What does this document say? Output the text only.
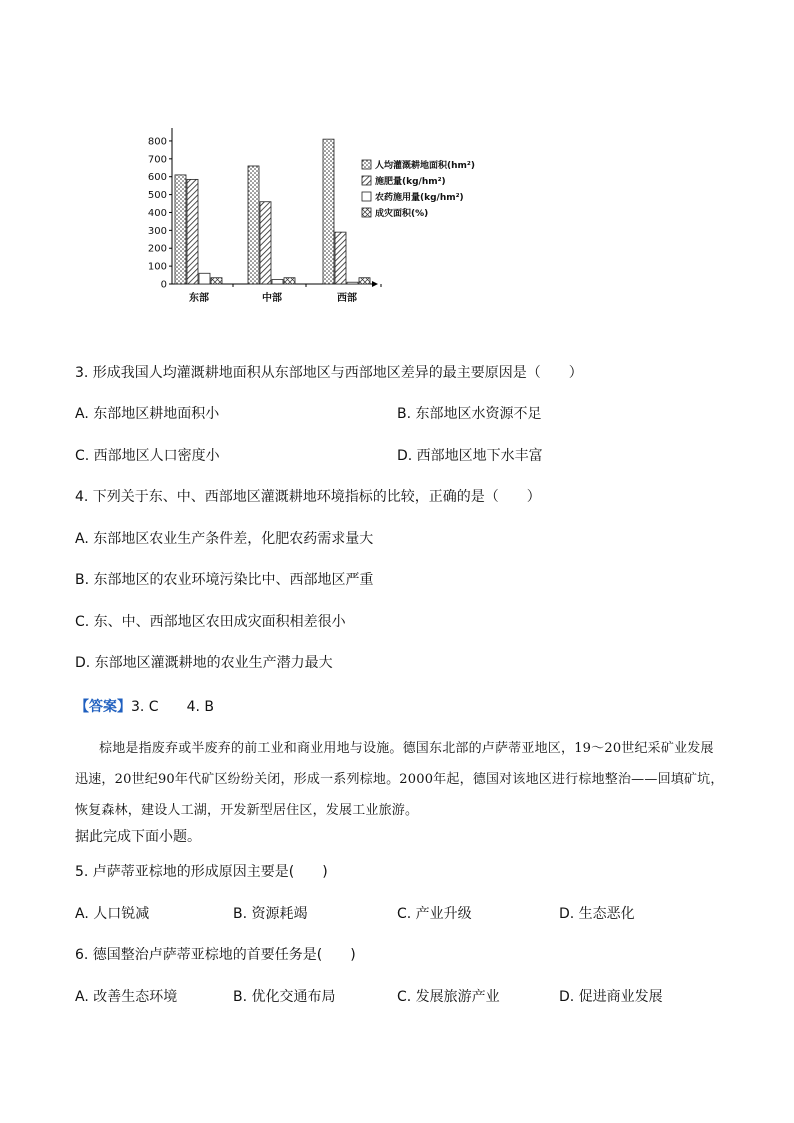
0
100
200
300
400
500
600
700
800
东部	中部	西部
人均灌溉耕地面积(hm²)
施肥量(kg/hm²)
农药施用量(kg/hm²)
成灾面积(%)
3. 形成我国人均灌溉耕地面积从东部地区与西部地区差异的最主要原因是（　　）
A. 东部地区耕地面积小	B. 东部地区水资源不足
C. 西部地区人口密度小	D. 西部地区地下水丰富
4. 下列关于东、中、西部地区灌溉耕地环境指标的比较，正确的是（　　）
A. 东部地区农业生产条件差，化肥农药需求量大
B. 东部地区的农业环境污染比中、西部地区严重
C. 东、中、西部地区农田成灾面积相差很小
D. 东部地区灌溉耕地的农业生产潜力最大
【答案】3. C　　4. B
棕地是指废弃或半废弃的前工业和商业用地与设施。德国东北部的卢萨蒂亚地区，19～20世纪采矿业发展迅速，20世纪90年代矿区纷纷关闭，形成一系列棕地。2000年起，德国对该地区进行棕地整治——回填矿坑，恢复森林，建设人工湖，开发新型居住区，发展工业旅游。
据此完成下面小题。
5. 卢萨蒂亚棕地的形成原因主要是(　　)
A. 人口锐减	B. 资源耗竭	C. 产业升级	D. 生态恶化
6. 德国整治卢萨蒂亚棕地的首要任务是(　　)
A. 改善生态环境	B. 优化交通布局	C. 发展旅游产业	D. 促进商业发展
